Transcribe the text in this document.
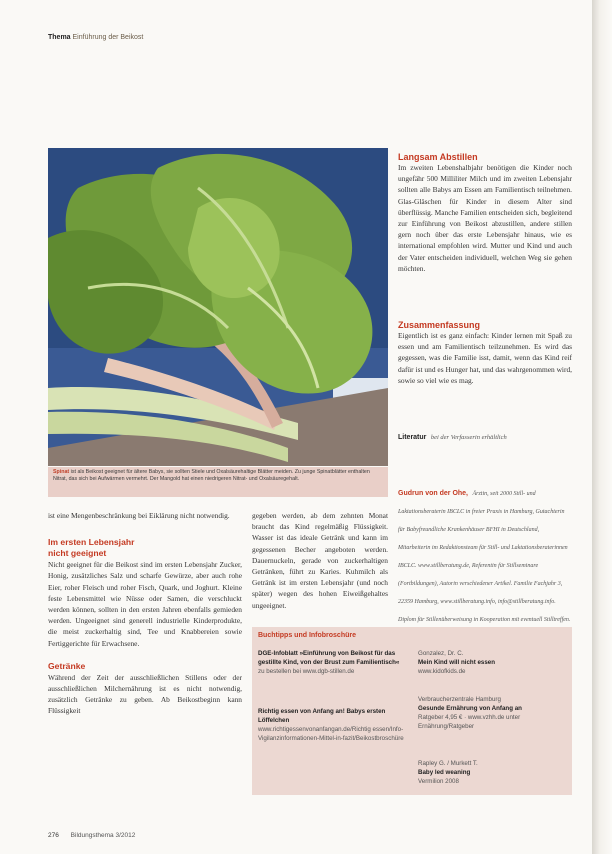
Thema Einführung der Beikost
Spinat ist als Beikost geeignet für ältere Babys, sie sollten Stiele und Oxalsäurehaltige Blätter meiden. Zu junge Spinatblätter enthalten Nitrat, das sich bei Aufwärmen vermehrt. Der Mangold hat einen niedrigeren Nitrat- und Oxalsäuregehalt.
Langsam Abstillen
Im zweiten Lebenshalbjahr benötigen die Kinder noch ungefähr 500 Milliliter Milch und im zweiten Lebensjahr sollten alle Babys am Essen am Familientisch teilnehmen. Glas-Gläschen für Kinder in diesem Alter sind überflüssig. Manche Familien entscheiden sich, begleitend zur Einführung von Beikost abzustillen, andere stillen gern noch über das erste Lebensjahr hinaus, wie es international empfohlen wird. Mutter und Kind und auch der Vater entscheiden individuell, welchen Weg sie gehen möchten.
Zusammenfassung
Eigentlich ist es ganz einfach: Kinder lernen mit Spaß zu essen und am Familientisch teilzunehmen. Es wird das gegessen, was die Familie isst, damit, wenn das Kind reif dafür ist und es Hunger hat, und das wahrgenommen wird, sowie so viel wie es mag.
Literatur bei der Verfasserin erhältlich
Gudrun von der Ohe, Ärztin, seit 2000 Still- und Laktationsberaterin IBCLC in freier Praxis in Hamburg, Gutachterin für Babyfreundliche Krankenhäuser BFHI in Deutschland, Mitarbeiterin im Redaktionsteam für Still- und Laktationsberaterinnen IBCLC. www.stillberatung.de, Referentin für Stillseminare (Fortbildungen), Autorin verschiedener Artikel. Familie Fachjahr 3, 22359 Hamburg, www.stillberatung.info, info@stillberatung.info. Diplom für Stillenüberweisung in Kooperation mit eventuell Stilltreffen.
ist eine Mengenbeschränkung bei Eiklärung nicht notwendig.
Im ersten Lebensjahr
nicht geeignet
Nicht geeignet für die Beikost sind im ersten Lebensjahr Zucker, Honig, zusätzliches Salz und scharfe Gewürze, aber auch rohe Eier, roher Fleisch und roher Fisch, Quark, und Joghurt. Kleine feste Lebensmittel wie Nüsse oder Samen, die verschluckt werden können, sollten in den ersten Jahren ebenfalls gemieden werden. Ungeeignet sind generell industrielle Kinderprodukte, die meist zuckerhaltig sind, Tee und Knabbereien sowie Fertiggerichte für Erwachsene.
Getränke
Während der Zeit der ausschließlichen Stillens oder der ausschließlichen Milchernährung ist es nicht notwendig, zusätzlich Getränke zu geben. Ab Beikostbeginn kann Flüssigkeit
gegeben werden, ab dem zehnten Monat braucht das Kind regelmäßig Flüssigkeit. Wasser ist das ideale Getränk und kann im gegessenen Becher angeboten werden. Dauernuckeln, gerade von zuckerhaltigen Getränken, führt zu Karies. Kuhmilch als Getränk ist im ersten Lebensjahr (und noch später) wegen des hohen Eiweißgehaltes ungeeignet.
Buchtipps und Infobroschüre
DGE-Infoblatt »Einführung von Beikost für das gestillte Kind, von der Brust zum Familientisch«
zu bestellen bei www.dgb-stillen.de
Richtig essen von Anfang an! Babys ersten Löffelchen
www.richtigessenvonanfangan.de/Richtig essen/Info-Vigilanzinformationen-Mittel-in-fazit/Beikostbroschüre
Gonzalez, Dr. C.
Mein Kind will nicht essen
www.kidofkids.de
Verbraucherzentrale Hamburg
Gesunde Ernährung von Anfang an
Ratgeber 4,95 € · www.vzhh.de unter Ernährung/Ratgeber
Rapley G. / Murkett T.
Baby led weaning
Vermilion 2008
276 Bildungsthema 3/2012
